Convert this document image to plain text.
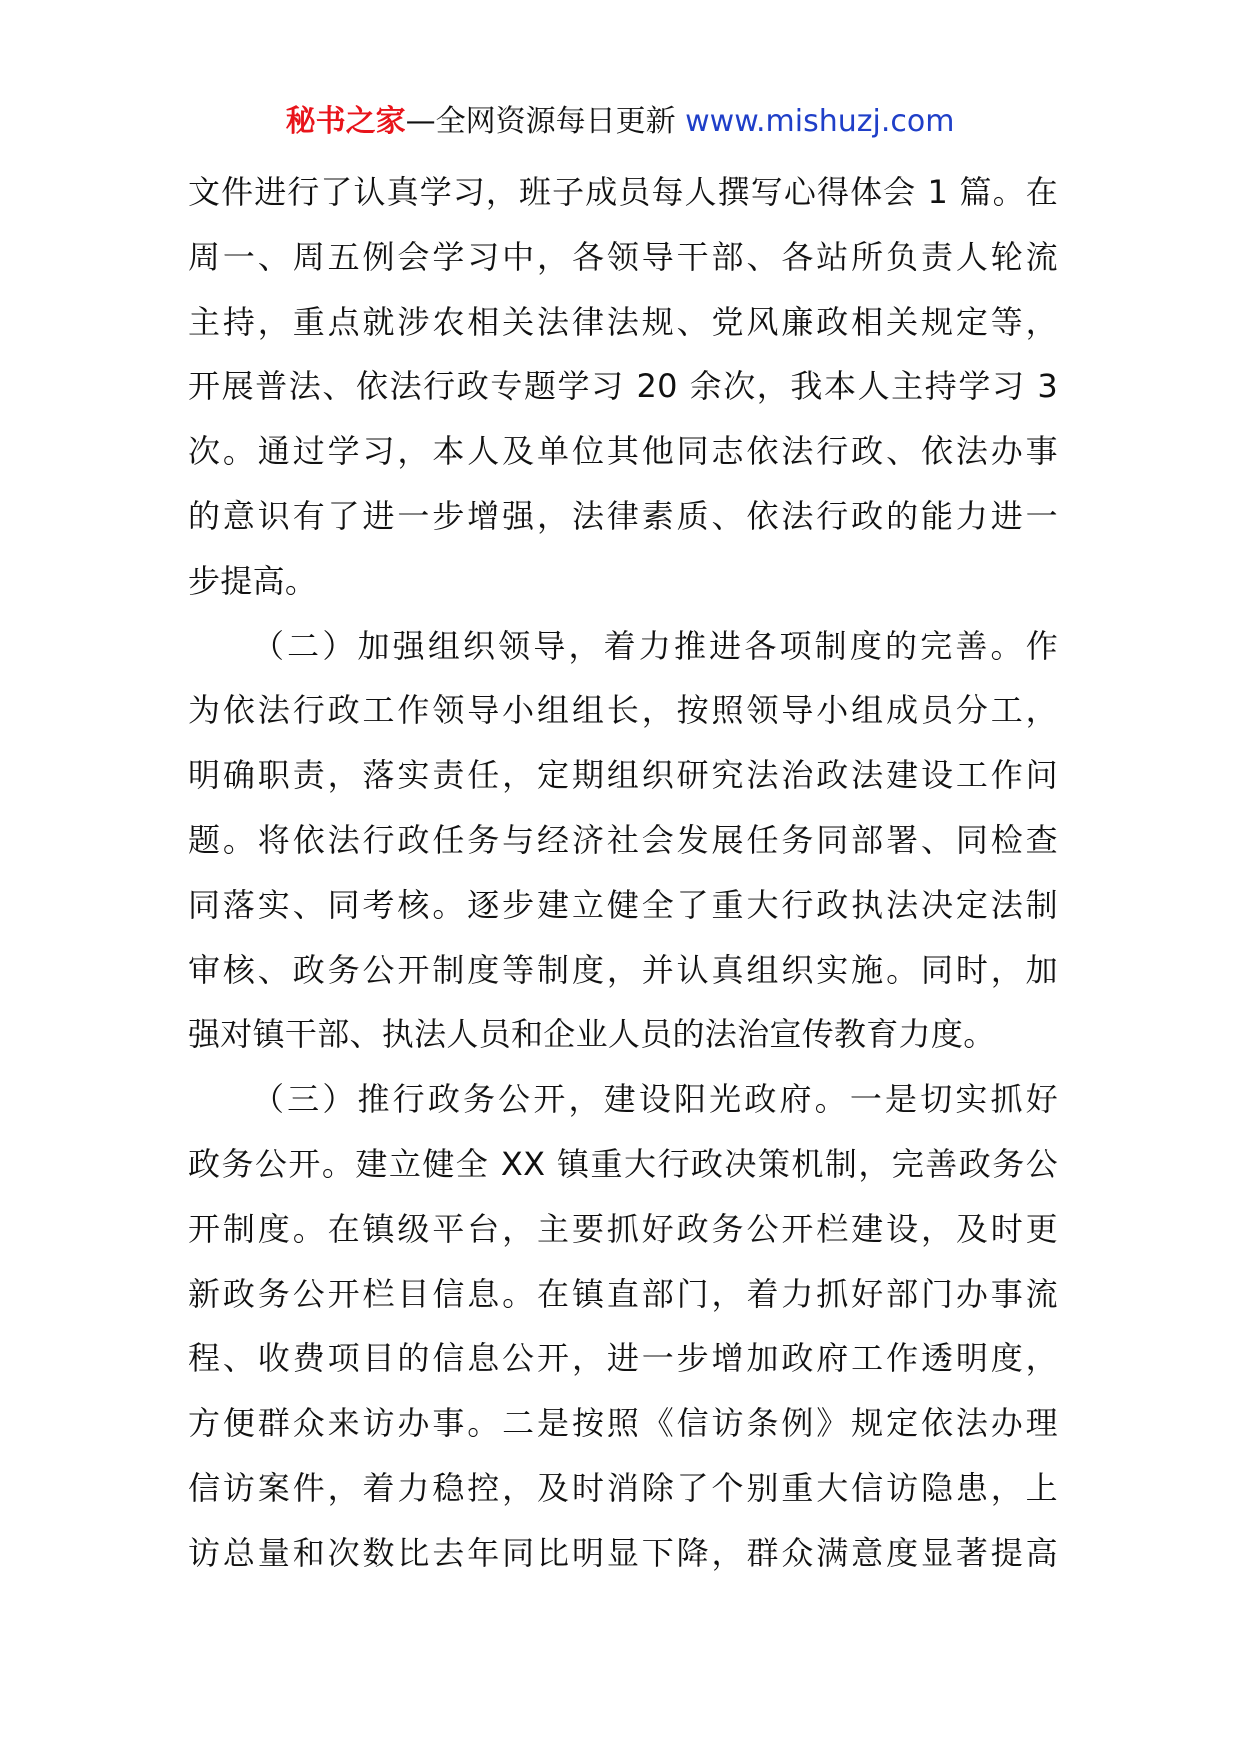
秘书之家—全网资源每日更新 www.mishuzj.com

文件进行了认真学习，班子成员每人撰写心得体会 1 篇。在
周一、周五例会学习中，各领导干部、各站所负责人轮流
主持，重点就涉农相关法律法规、党风廉政相关规定等，
开展普法、依法行政专题学习 20 余次，我本人主持学习 3
次。通过学习，本人及单位其他同志依法行政、依法办事
的意识有了进一步增强，法律素质、依法行政的能力进一
步提高。

（二）加强组织领导，着力推进各项制度的完善。作
为依法行政工作领导小组组长，按照领导小组成员分工，
明确职责，落实责任，定期组织研究法治政法建设工作问
题。将依法行政任务与经济社会发展任务同部署、同检查
同落实、同考核。逐步建立健全了重大行政执法决定法制
审核、政务公开制度等制度，并认真组织实施。同时，加
强对镇干部、执法人员和企业人员的法治宣传教育力度。

（三）推行政务公开，建设阳光政府。一是切实抓好
政务公开。建立健全 XX 镇重大行政决策机制，完善政务公
开制度。在镇级平台，主要抓好政务公开栏建设，及时更
新政务公开栏目信息。在镇直部门，着力抓好部门办事流
程、收费项目的信息公开，进一步增加政府工作透明度，
方便群众来访办事。二是按照《信访条例》规定依法办理
信访案件，着力稳控，及时消除了个别重大信访隐患，上
访总量和次数比去年同比明显下降，群众满意度显著提高
